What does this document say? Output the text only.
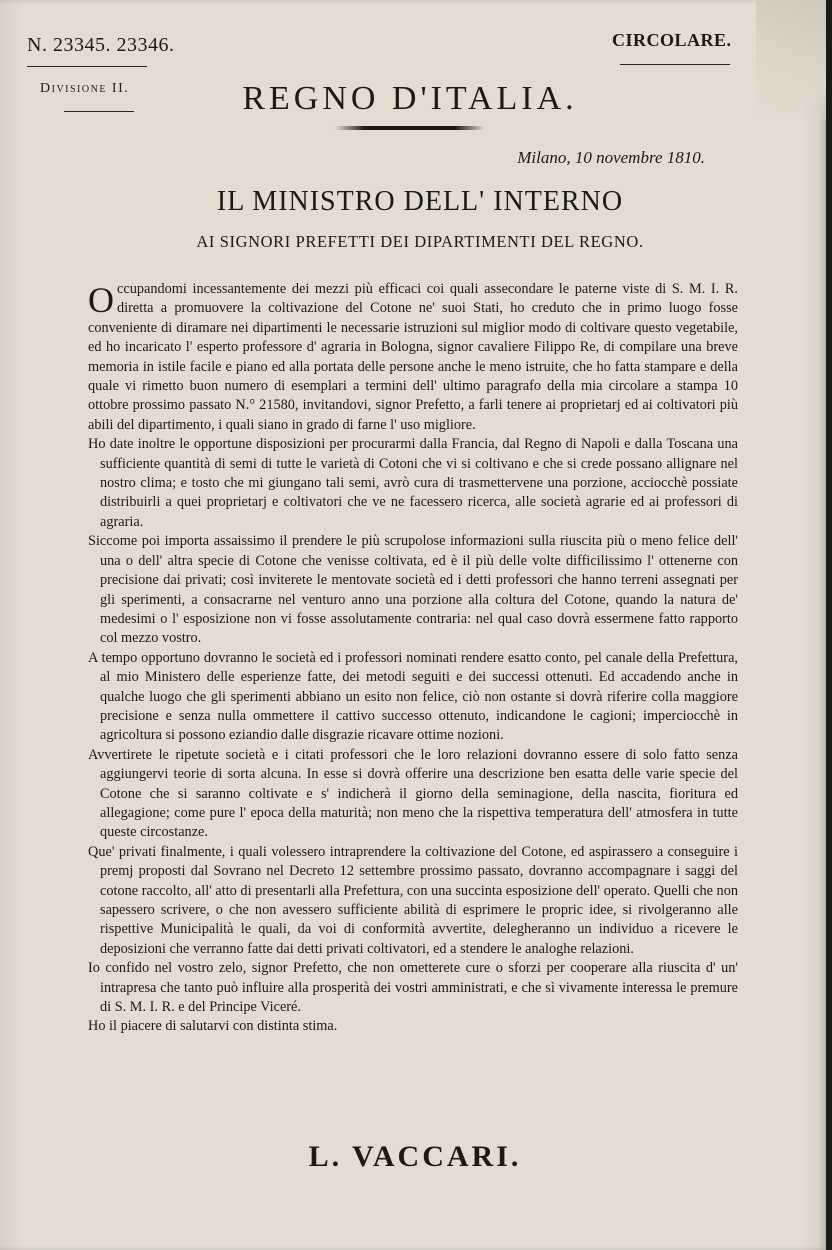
N. 23345. 23346.
Divisione II.
CIRCOLARE.
REGNO D'ITALIA.
Milano, 10 novembre 1810.
IL MINISTRO DELL' INTERNO
AI SIGNORI PREFETTI DEI DIPARTIMENTI DEL REGNO.

Occupandomi incessantemente dei mezzi più efficaci coi quali assecondare le paterne viste di S. M. I. R. diretta a promuovere la coltivazione del Cotone ne' suoi Stati, ho creduto che in primo luogo fosse conveniente di diramare nei dipartimenti le necessarie istruzioni sul miglior modo di coltivare questo vegetabile, ed ho incaricato l' esperto professore d' agraria in Bologna, signor cavaliere Filippo Re, di compilare una breve memoria in istile facile e piano ed alla portata delle persone anche le meno istruite, che ho fatta stampare e della quale vi rimetto buon numero di esemplari a termini dell' ultimo paragrafo della mia circolare a stampa 10 ottobre prossimo passato N.° 21580, invitandovi, signor Prefetto, a farli tenere ai proprietarj ed ai coltivatori più abili del dipartimento, i quali siano in grado di farne l' uso migliore.

Ho date inoltre le opportune disposizioni per procurarmi dalla Francia, dal Regno di Napoli e dalla Toscana una sufficiente quantità di semi di tutte le varietà di Cotoni che vi si coltivano e che si crede possano allignare nel nostro clima; e tosto che mi giungano tali semi, avrò cura di trasmettervene una porzione, acciocchè possiate distribuirli a quei proprietarj e coltivatori che ve ne facessero ricerca, alle società agrarie ed ai professori di agraria.

Siccome poi importa assaissimo il prendere le più scrupolose informazioni sulla riuscita più o meno felice dell' una o dell' altra specie di Cotone che venisse coltivata, ed è il più delle volte difficilissimo l' ottenerne con precisione dai privati; così inviterete le mentovate società ed i detti professori che hanno terreni assegnati per gli sperimenti, a consacrarne nel venturo anno una porzione alla coltura del Cotone, quando la natura de' medesimi o l' esposizione non vi fosse assolutamente contraria: nel qual caso dovrà essermene fatto rapporto col mezzo vostro.

A tempo opportuno dovranno le società ed i professori nominati rendere esatto conto, pel canale della Prefettura, al mio Ministero delle esperienze fatte, dei metodi seguiti e dei successi ottenuti. Ed accadendo anche in qualche luogo che gli sperimenti abbiano un esito non felice, ciò non ostante si dovrà riferire colla maggiore precisione e senza nulla ommettere il cattivo successo ottenuto, indicandone le cagioni; imperciocchè in agricoltura si possono eziandio dalle disgrazie ricavare ottime nozioni.

Avvertirete le ripetute società e i citati professori che le loro relazioni dovranno essere di solo fatto senza aggiungervi teorie di sorta alcuna. In esse si dovrà offerire una descrizione ben esatta delle varie specie del Cotone che si saranno coltivate e s' indicherà il giorno della seminagione, della nascita, fioritura ed allegagione; come pure l' epoca della maturità; non meno che la rispettiva temperatura dell' atmosfera in tutte queste circostanze.

Que' privati finalmente, i quali volessero intraprendere la coltivazione del Cotone, ed aspirassero a conseguire i premj proposti dal Sovrano nel Decreto 12 settembre prossimo passato, dovranno accompagnare i saggi del cotone raccolto, all' atto di presentarli alla Prefettura, con una succinta esposizione dell' operato. Quelli che non sapessero scrivere, o che non avessero sufficiente abilità di esprimere le propric idee, si rivolgeranno alle rispettive Municipalità le quali, da voi di conformità avvertite, delegheranno un individuo a ricevere le deposizioni che verranno fatte dai detti privati coltivatori, ed a stendere le analoghe relazioni.

Io confido nel vostro zelo, signor Prefetto, che non ometterete cure o sforzi per cooperare alla riuscita d' un' intrapresa che tanto può influire alla prosperità dei vostri amministrati, e che sì vivamente interessa le premure di S. M. I. R. e del Principe Viceré.

Ho il piacere di salutarvi con distinta stima.

L. VACCARI.
